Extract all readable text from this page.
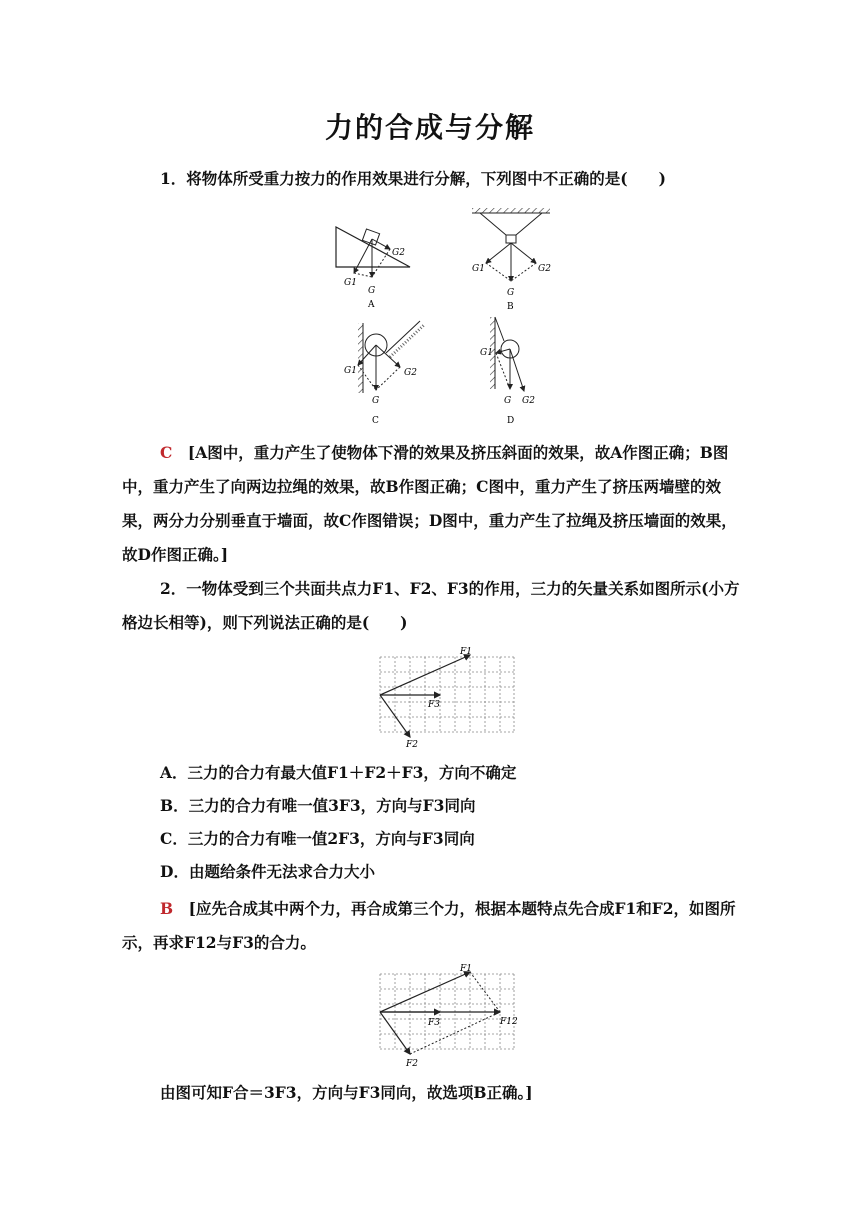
力的合成与分解
1．将物体所受重力按力的作用效果进行分解，下列图中不正确的是(　　)
G2
G1
G
A
G1	G2
G
B
G1	G2
G
C
G1
G G2
D
C　 [A图中，重力产生了使物体下滑的效果及挤压斜面的效果，故A作图正确；B图中，重力产生了向两边拉绳的效果，故B作图正确；C图中，重力产生了挤压两墙壁的效果，两分力分别垂直于墙面，故C作图错误；D图中，重力产生了拉绳及挤压墙面的效果，故D作图正确。]
2．一物体受到三个共面共点力F1、F2、F3的作用，三力的矢量关系如图所示(小方格边长相等)，则下列说法正确的是(　　)
F1
F2
F3
A．三力的合力有最大值F1＋F2＋F3，方向不确定
B．三力的合力有唯一值3F3，方向与F3同向
C．三力的合力有唯一值2F3，方向与F3同向
D．由题给条件无法求合力大小
B　 [应先合成其中两个力，再合成第三个力，根据本题特点先合成F1和F2，如图所示，再求F12与F3的合力。
F1
F2
F3	F12
由图可知F合＝3F3，方向与F3同向，故选项B正确。]
